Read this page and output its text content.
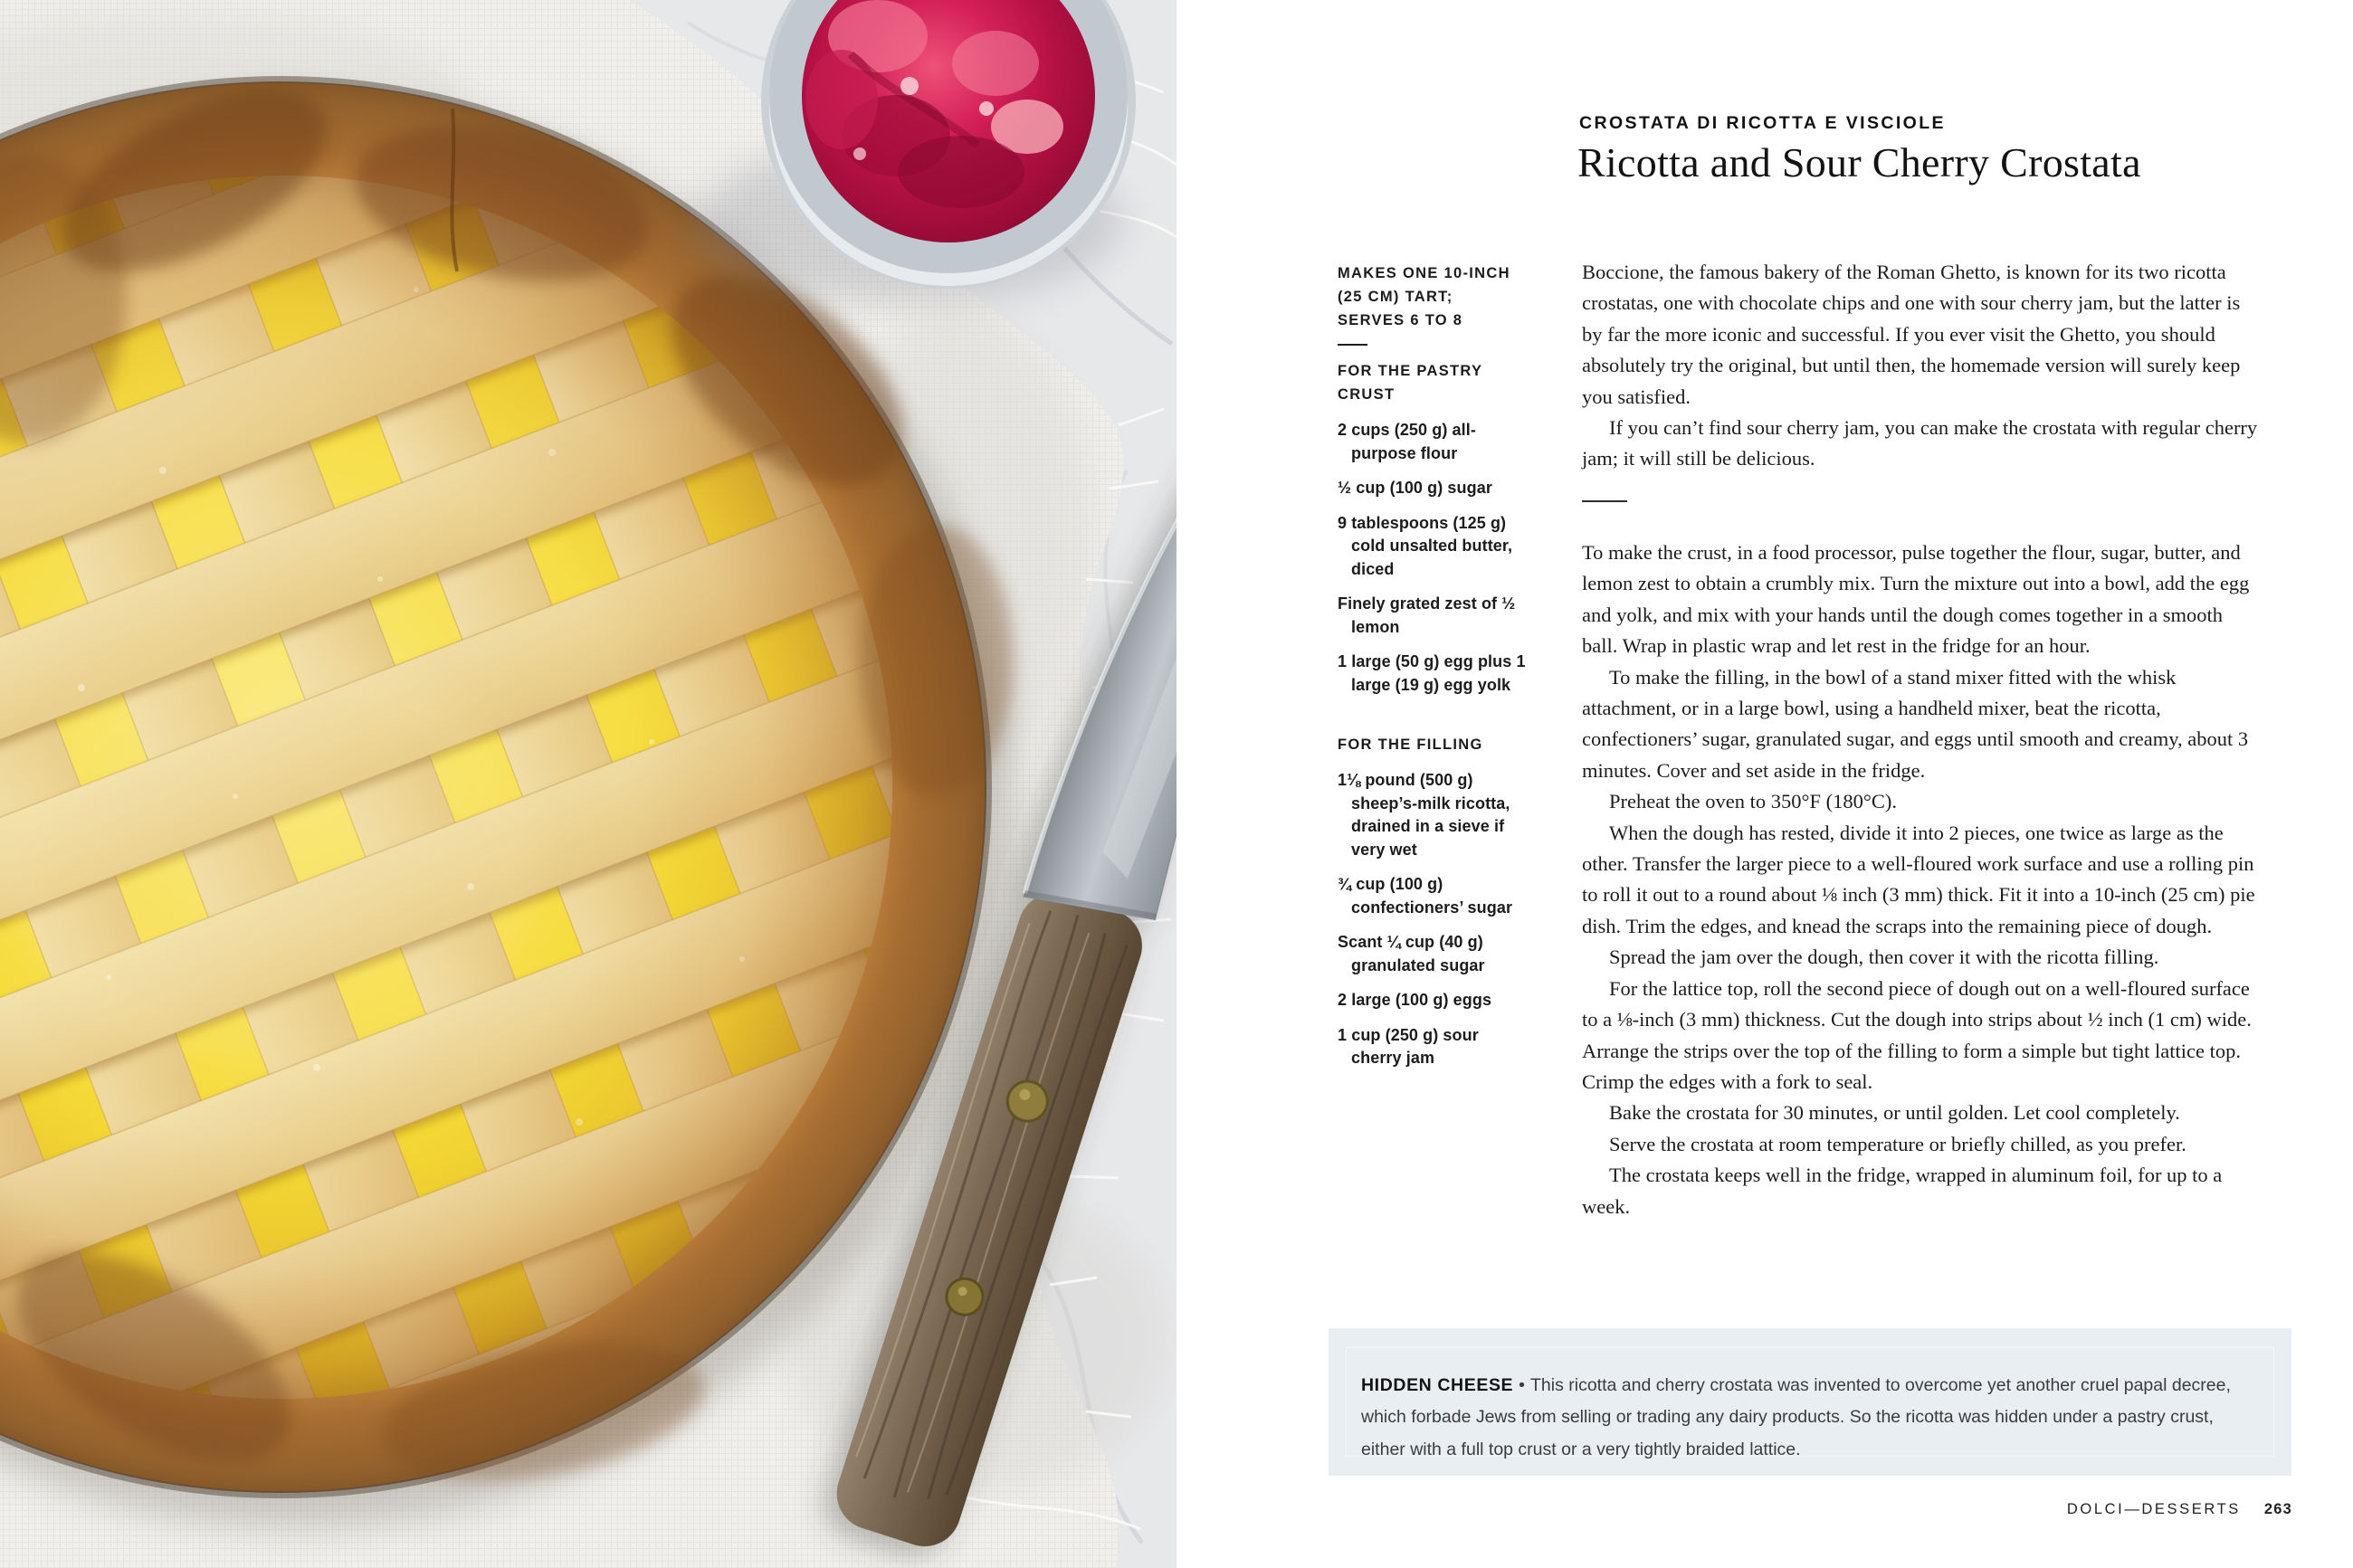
CROSTATA DI RICOTTA E VISCIOLE
Ricotta and Sour Cherry Crostata
MAKES ONE 10-INCH
(25 CM) TART;
SERVES 6 TO 8
FOR THE PASTRY CRUST

2 cups (250 g) all-purpose flour

½ cup (100 g) sugar

9 tablespoons (125 g) cold unsalted butter, diced

Finely grated zest of ½ lemon

1 large (50 g) egg plus 1 large (19 g) egg yolk

FOR THE FILLING

1⅛ pound (500 g) sheep’s-milk ricotta, drained in a sieve if very wet

¾ cup (100 g) confectioners’ sugar

Scant ¼ cup (40 g) granulated sugar

2 large (100 g) eggs

1 cup (250 g) sour cherry jam

Boccione, the famous bakery of the Roman Ghetto, is known for its two ricotta crostatas, one with chocolate chips and one with sour cherry jam, but the latter is by far the more iconic and successful. If you ever visit the Ghetto, you should absolutely try the original, but until then, the homemade version will surely keep you satisfied.

If you can’t find sour cherry jam, you can make the crostata with regular cherry jam; it will still be delicious.

To make the crust, in a food processor, pulse together the flour, sugar, butter, and lemon zest to obtain a crumbly mix. Turn the mixture out into a bowl, add the egg and yolk, and mix with your hands until the dough comes together in a smooth ball. Wrap in plastic wrap and let rest in the fridge for an hour.

To make the filling, in the bowl of a stand mixer fitted with the whisk attachment, or in a large bowl, using a handheld mixer, beat the ricotta, confectioners’ sugar, granulated sugar, and eggs until smooth and creamy, about 3 minutes. Cover and set aside in the fridge.

Preheat the oven to 350°F (180°C).

When the dough has rested, divide it into 2 pieces, one twice as large as the other. Transfer the larger piece to a well-floured work surface and use a rolling pin to roll it out to a round about ⅛ inch (3 mm) thick. Fit it into a 10-inch (25 cm) pie dish. Trim the edges, and knead the scraps into the remaining piece of dough.

Spread the jam over the dough, then cover it with the ricotta filling.

For the lattice top, roll the second piece of dough out on a well-floured surface to a ⅛-inch (3 mm) thickness. Cut the dough into strips about ½ inch (1 cm) wide. Arrange the strips over the top of the filling to form a simple but tight lattice top. Crimp the edges with a fork to seal.

Bake the crostata for 30 minutes, or until golden. Let cool completely.

Serve the crostata at room temperature or briefly chilled, as you prefer.

The crostata keeps well in the fridge, wrapped in aluminum foil, for up to a week.

HIDDEN CHEESE • This ricotta and cherry crostata was invented to overcome yet another cruel papal decree, which forbade Jews from selling or trading any dairy products. So the ricotta was hidden under a pastry crust, either with a full top crust or a very tightly braided lattice.

DOLCI—DESSERTS 263
